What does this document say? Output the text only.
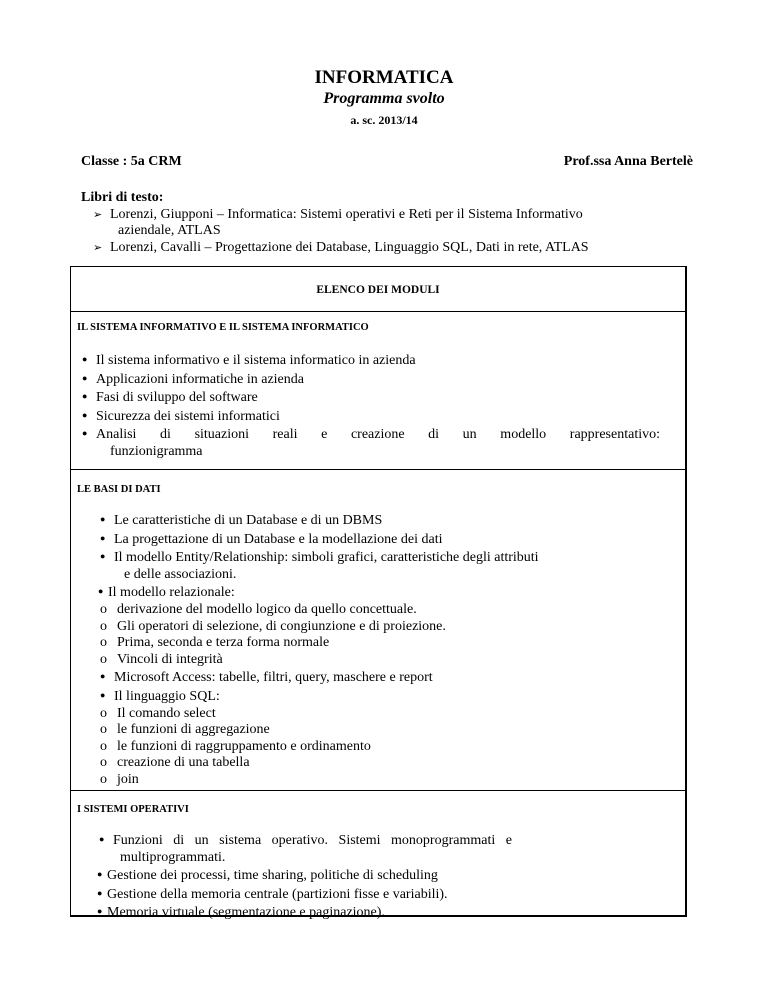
INFORMATICA
Programma svolto
a. sc. 2013/14
Classe : 5a CRM	Prof.ssa Anna Bertelè
Libri di testo:
➢ Lorenzi, Giupponi – Informatica: Sistemi operativi e Reti per il Sistema Informativo
aziendale, ATLAS
➢ Lorenzi, Cavalli – Progettazione dei Database, Linguaggio SQL, Dati in rete, ATLAS
ELENCO DEI MODULI
IL SISTEMA INFORMATIVO E IL SISTEMA INFORMATICO
● Il sistema informativo e il sistema informatico in azienda
● Applicazioni informatiche in azienda
● Fasi di sviluppo del software
● Sicurezza dei sistemi informatici
● Analisi di situazioni reali e creazione di un modello rappresentativo:
funzionigramma
LE BASI DI DATI
● Le caratteristiche di un Database e di un DBMS
● La progettazione di un Database e la modellazione dei dati
● Il modello Entity/Relationship: simboli grafici, caratteristiche degli attributi
e delle associazioni.
● Il modello relazionale:
o derivazione del modello logico da quello concettuale.
o Gli operatori di selezione, di congiunzione e di proiezione.
o Prima, seconda e terza forma normale
o Vincoli di integrità
● Microsoft Access: tabelle, filtri, query, maschere e report
● Il linguaggio SQL:
o Il comando select
o le funzioni di aggregazione
o le funzioni di raggruppamento e ordinamento
o creazione di una tabella
o join
I SISTEMI OPERATIVI
● Funzioni   di   un   sistema   operativo.   Sistemi   monoprogrammati   e
multiprogrammati.
● Gestione dei processi, time sharing, politiche di scheduling
● Gestione della memoria centrale (partizioni fisse e variabili).
● Memoria virtuale (segmentazione e paginazione).
